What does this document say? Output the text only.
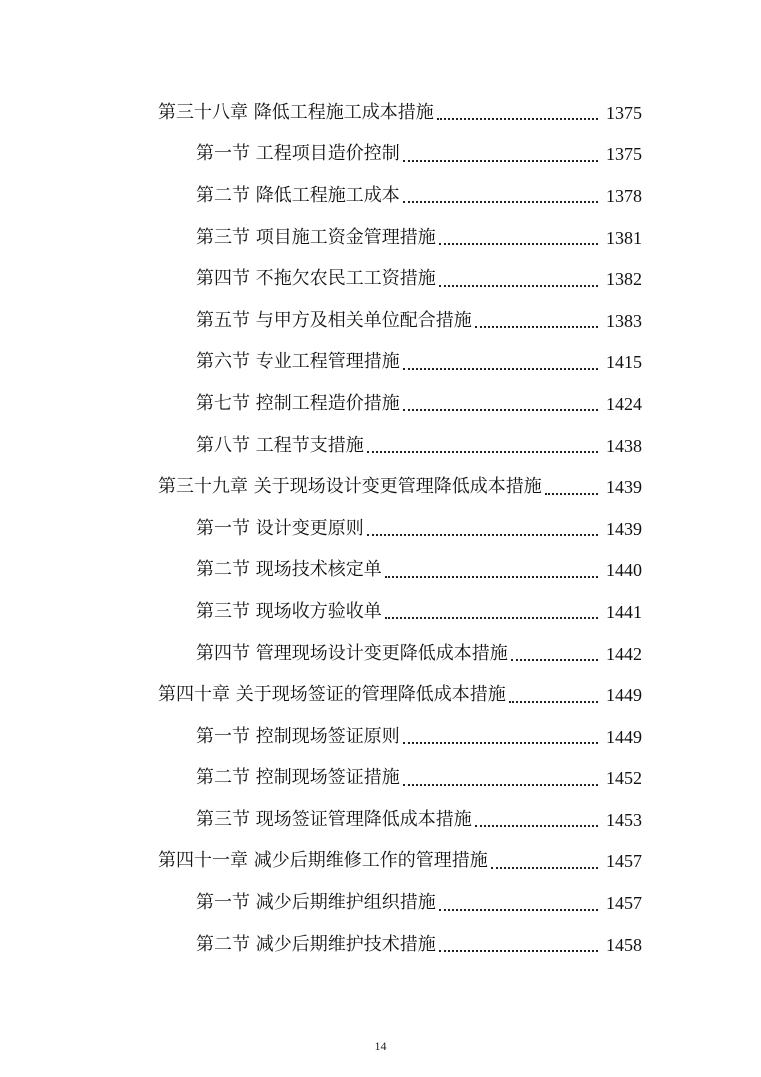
第三十八章 降低工程施工成本措施	1375
第一节 工程项目造价控制	1375
第二节 降低工程施工成本	1378
第三节 项目施工资金管理措施	1381
第四节 不拖欠农民工工资措施	1382
第五节 与甲方及相关单位配合措施	1383
第六节 专业工程管理措施	1415
第七节 控制工程造价措施	1424
第八节 工程节支措施	1438
第三十九章 关于现场设计变更管理降低成本措施	1439
第一节 设计变更原则	1439
第二节 现场技术核定单	1440
第三节 现场收方验收单	1441
第四节 管理现场设计变更降低成本措施	1442
第四十章 关于现场签证的管理降低成本措施	1449
第一节 控制现场签证原则	1449
第二节 控制现场签证措施	1452
第三节 现场签证管理降低成本措施	1453
第四十一章 减少后期维修工作的管理措施	1457
第一节 减少后期维护组织措施	1457
第二节 减少后期维护技术措施	1458
14
